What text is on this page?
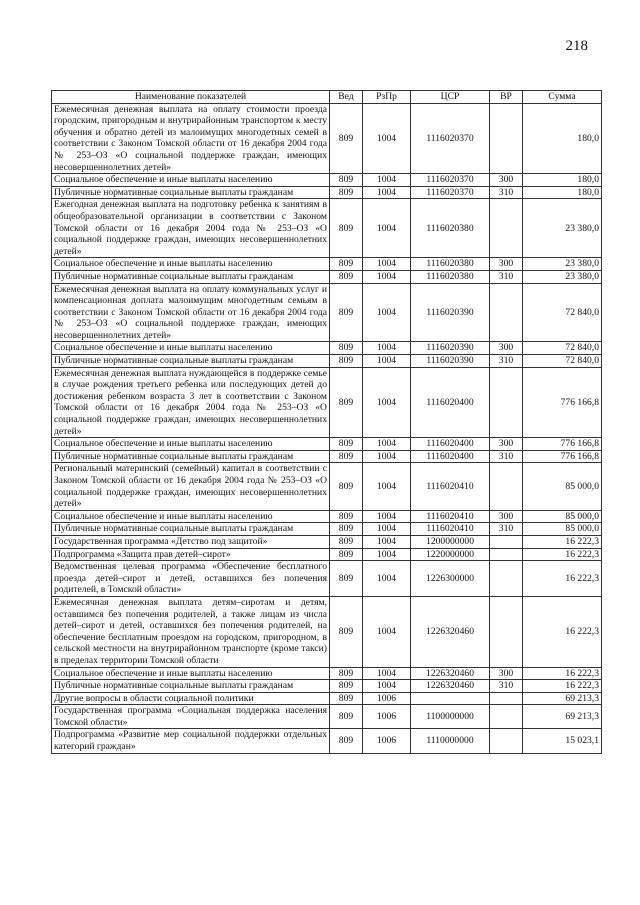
218
Наименование показателей	Вед	РзПр	ЦСР	ВР	Сумма
Ежемесячная денежная выплата на оплату стоимости проезда городским, пригородным и внутрирайонным транспортом к месту обучения и обратно детей из малоимущих многодетных семей в соответствии с Законом Томской области от 16 декабря 2004 года № 253–ОЗ «О социальной поддержке граждан, имеющих несовершеннолетних детей»	809	1004	1116020370		180,0
Социальное обеспечение и иные выплаты населению	809	1004	1116020370	300	180,0
Публичные нормативные социальные выплаты гражданам	809	1004	1116020370	310	180,0
Ежегодная денежная выплата на подготовку ребенка к занятиям в общеобразовательной организации в соответствии с Законом Томской области от 16 декабря 2004 года № 253–ОЗ «О социальной поддержке граждан, имеющих несовершеннолетних детей»	809	1004	1116020380		23 380,0
Социальное обеспечение и иные выплаты населению	809	1004	1116020380	300	23 380,0
Публичные нормативные социальные выплаты гражданам	809	1004	1116020380	310	23 380,0
Ежемесячная денежная выплата на оплату коммунальных услуг и компенсационная доплата малоимущим многодетным семьям в соответствии с Законом Томской области от 16 декабря 2004 года № 253–ОЗ «О социальной поддержке граждан, имеющих несовершеннолетних детей»	809	1004	1116020390		72 840,0
Социальное обеспечение и иные выплаты населению	809	1004	1116020390	300	72 840,0
Публичные нормативные социальные выплаты гражданам	809	1004	1116020390	310	72 840,0
Ежемесячная денежная выплата нуждающейся в поддержке семье в случае рождения третьего ребенка или последующих детей до достижения ребенком возраста 3 лет в соответствии с Законом Томской области от 16 декабря 2004 года № 253–ОЗ «О социальной поддержке граждан, имеющих несовершеннолетних детей»	809	1004	1116020400		776 166,8
Социальное обеспечение и иные выплаты населению	809	1004	1116020400	300	776 166,8
Публичные нормативные социальные выплаты гражданам	809	1004	1116020400	310	776 166,8
Региональный материнский (семейный) капитал в соответствии с Законом Томской области от 16 декабря 2004 года № 253–ОЗ «О социальной поддержке граждан, имеющих несовершеннолетних детей»	809	1004	1116020410		85 000,0
Социальное обеспечение и иные выплаты населению	809	1004	1116020410	300	85 000,0
Публичные нормативные социальные выплаты гражданам	809	1004	1116020410	310	85 000,0
Государственная программа «Детство под защитой»	809	1004	1200000000		16 222,3
Подпрограмма «Защита прав детей–сирот»	809	1004	1220000000		16 222,3
Ведомственная целевая программа «Обеспечение бесплатного проезда детей–сирот и детей, оставшихся без попечения родителей, в Томской области»	809	1004	1226300000		16 222,3
Ежемесячная денежная выплата детям–сиротам и детям, оставшимся без попечения родителей, а также лицам из числа детей–сирот и детей, оставшихся без попечения родителей, на обеспечение бесплатным проездом на городском, пригородном, в сельской местности на внутрирайонном транспорте (кроме такси) в пределах территории Томской области	809	1004	1226320460		16 222,3
Социальное обеспечение и иные выплаты населению	809	1004	1226320460	300	16 222,3
Публичные нормативные социальные выплаты гражданам	809	1004	1226320460	310	16 222,3
Другие вопросы в области социальной политики	809	1006			69 213,3
Государственная программа «Социальная поддержка населения Томской области»	809	1006	1100000000		69 213,3
Подпрограмма «Развитие мер социальной поддержки отдельных категорий граждан»	809	1006	1110000000		15 023,1
